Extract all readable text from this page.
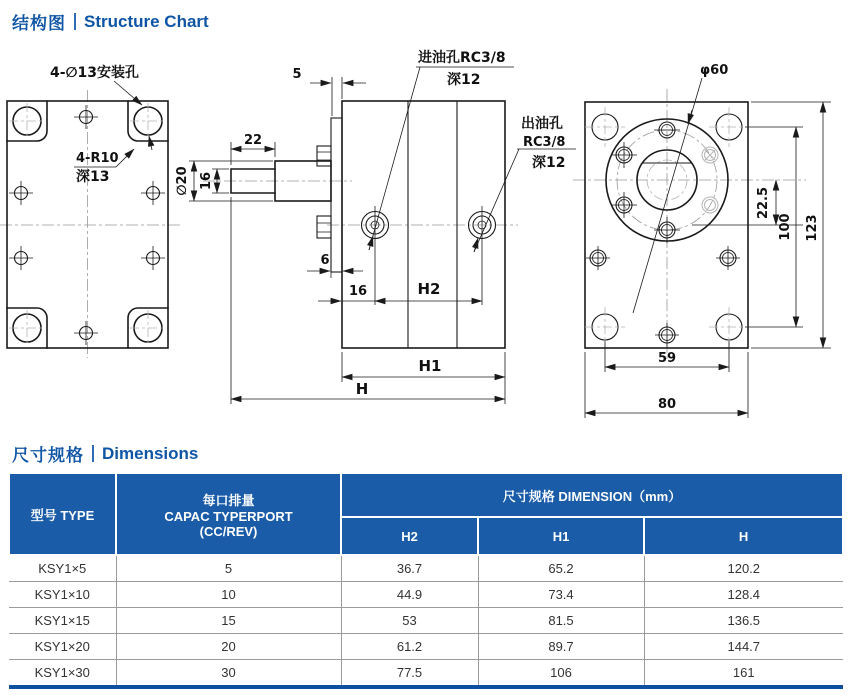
4-∅13安装孔
4-R10
深13
进油孔RC3/8
深12
出油孔
RC3/8
深12
5
22
∅20 16
6
16	H2
H1
H
φ60
22.5
100 123
59
80
结构图 Structure Chart
尺寸规格 Dimensions
型号 TYPE	每口排量
CAPAC TYPERPORT
(CC/REV)	尺寸规格 DIMENSION（mm）		
		H2	H1	H
KSY1×5	5	36.7	65.2	120.2
KSY1×10	10	44.9	73.4	128.4
KSY1×15	15	53	81.5	136.5
KSY1×20	20	61.2	89.7	144.7
KSY1×30	30	77.5	106	161
